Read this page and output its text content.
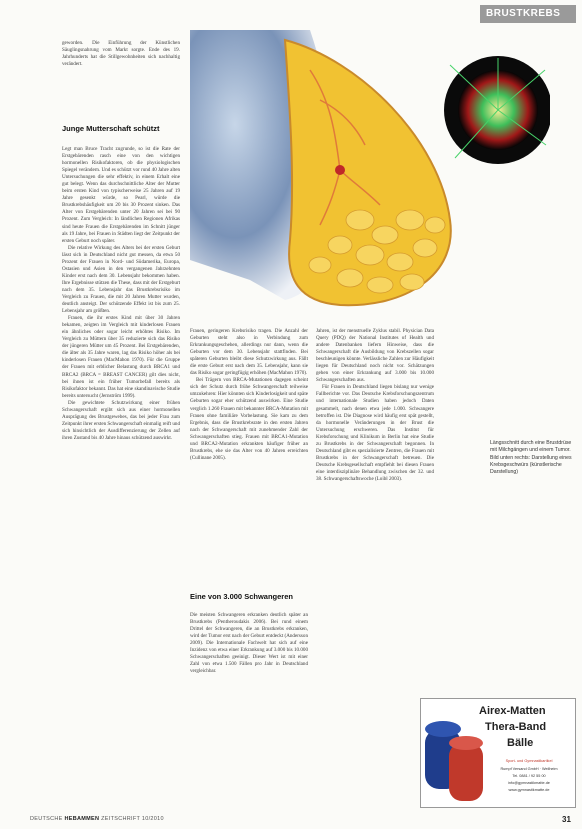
BRUSTKREBS

geworden. Die Einführung der Künstlichen Säuglingsnahrung vom Markt sorgte. Ende des 19. Jahrhunderts hat die Stillgewohnheiten sich nachhaltig verändert.

Junge Mutterschaft schützt

Legt man Bruce Tracht zugrunde, so ist die Rate der Erstgebärenden rasch eine von den wichtigen hormonellen Risikofaktoren, ob die physiologischen Spiegel verändern. Und es schützt vor rund 40 Jahre alten Untersuchungen die sehr effektiv, in einem Erhalt eine gut belegt. Wenn das durchschnittliche Alter der Mutter beim ersten Kind von typischerweise 25 Jahren auf 19 Jahre gesenkt würde, so Pearl, würde die Brustkrebshäufigkeit um 20 bis 30 Prozent sinken. Das Alter von Erstgebärenden unter 20 Jahren sei bei 90 Prozent. Zum Vergleich: In ländlichen Regionen Afrikas sind heute Frauen die Erstgebärenden im Schnitt jünger als 19 Jahre, bei Frauen in Städten liegt der Zeitpunkt der ersten Geburt noch später.

Die relative Wirkung des Alters bei der ersten Geburt lässt sich in Deutschland nicht gut messen, da etwa 50 Prozent der Frauen in Nord- und Südamerika, Europa, Ostasien und Asien in den vergangenen Jahrzehnten Kinder erst nach dem 30. Lebensjahr bekommen haben. Ihre Ergebnisse stützen die These, dass mit der Erstgeburt nach dem 35. Lebensjahr das Brustkrebsrisiko im Vergleich zu Frauen, die mit 20 Jahren Mutter wurden, deutlich ansteigt. Der schützende Effekt ist bis zum 25. Lebensjahr am größten.

Frauen, die ihr erstes Kind mit über 30 Jahren bekamen, zeigten im Vergleich mit kinderlosen Frauen ein ähnliches oder sogar leicht erhöhtes Risiko. Im Vergleich zu Müttern über 35 reduzierte sich das Risiko der jüngeren Mütter um 45 Prozent. Bei Erstgebärenden, die älter als 35 Jahre waren, lag das Risiko höher als bei kinderlosen Frauen (MacMahon 1970). Für die Gruppe der Frauen mit erblicher Belastung durch BRCA1 und BRCA2 (BRCA = BREAST CANCER) gilt dies nicht, bei ihnen ist ein früher Tumorbefall bereits als Risikofaktor bekannt. Das hat eine skandinavische Studie bereits untersucht (Jernström 1999).

Die gewichtete Schutzwirkung einer frühen Schwangerschaft ergibt sich aus einer hormonellen Ausprägung des Brustgewebes, das bei jeder Frau zum Zeitpunkt ihrer ersten Schwangerschaft einmalig reift und sich hinsichtlich der Ausdifferenzierung der Zellen auf ihren Zustand bis 40 Jahre hinaus schützend auswirkt.

Frauen, geringeren Krebsrisiko tragen. Die Anzahl der Geburten steht also in Verbindung zum Erkrankungsgeschehen, allerdings nur dann, wenn die Geburten vor dem 30. Lebensjahr stattfinden. Bei späteren Geburten bleibt diese Schutzwirkung aus. Fällt die erste Geburt erst nach dem 35. Lebensjahr, kann sie das Risiko sogar geringfügig erhöhen (MacMahon 1970).

Bei Trägern von BRCA-Mutationen dagegen scheint sich der Schutz durch frühe Schwangerschaft teilweise umzukehren: Hier könnten sich Kinderlosigkeit und späte Geburten sogar eher schützend auswirken. Eine Studie verglich 1.260 Frauen mit bekannter BRCA-Mutation mit Frauen ohne familiäre Vorbelastung. Sie kam zu dem Ergebnis, dass die Brustkrebsrate in den ersten Jahren nach der Schwangerschaft mit zunehmender Zahl der Schwangerschaften stieg. Frauen mit BRCA1-Mutation und BRCA2-Mutation erkrankten häufiger früher an Brustkrebs, ehe sie das Alter von 40 Jahren erreichten (Cullinane 2005).

Eine von 3.000 Schwangeren

Die meisten Schwangeren erkranken deutlich später an Brustkrebs (Pentheroudakis 2006). Bei rund einem Drittel der Schwangeren, die an Brustkrebs erkranken, wird der Tumor erst nach der Geburt entdeckt (Andersson 2009). Die Internationale Fachwelt hat sich auf eine Inzidenz von etwa einer Erkrankung auf 3.000 bis 10.000 Schwangerschaften geeinigt. Dieser Wert ist mit einer Zahl von etwa 1.500 Fällen pro Jahr in Deutschland vergleichbar.

Jahren, ist der menstruelle Zyklus stabil. Physician Data Query (PDQ) der National Institutes of Health und andere Datenbanken liefern Hinweise, dass die Schwangerschaft die Ausbildung von Krebszellen sogar beschleunigen könnte. Verlässliche Zahlen zur Häufigkeit liegen für Deutschland noch nicht vor. Schätzungen gehen von einer Erkrankung auf 3.000 bis 10.000 Schwangerschaften aus.

Für Frauen in Deutschland liegen bislang nur wenige Fallberichte vor. Das Deutsche Krebsforschungszentrum und internationale Studien haben jedoch Daten gesammelt, nach denen etwa jede 1.000. Schwangere betroffen ist. Die Diagnose wird häufig erst spät gestellt, da hormonelle Veränderungen in der Brust die Untersuchung erschweren. Das Institut für Krebsforschung und Klinikum in Berlin hat eine Studie zu Brustkrebs in der Schwangerschaft begonnen. In Deutschland gibt es spezialisierte Zentren, die Frauen mit Brustkrebs in der Schwangerschaft betreuen. Die Deutsche Krebsgesellschaft empfiehlt bei diesen Frauen eine interdisziplinäre Behandlung zwischen der 32. und 38. Schwangerschaftswoche (Loibl 2003).

Längsschnitt durch eine Brustdrüse mit Milchgängen und einem Tumor. Bild unten rechts: Darstellung eines Krebsgeschwürs (künstlerische Darstellung)
Airex-Matten
Thera-Band
Bälle
Sport- und Gymnastikartikel
Rumpf Versand GmbH · Weilheim
Tel. 0881 / 92 55 00
info@gymnastikmatte.de
www.gymnastikmatte.de
DEUTSCHE HEBAMMEN ZEITSCHRIFT 10/2010	31
